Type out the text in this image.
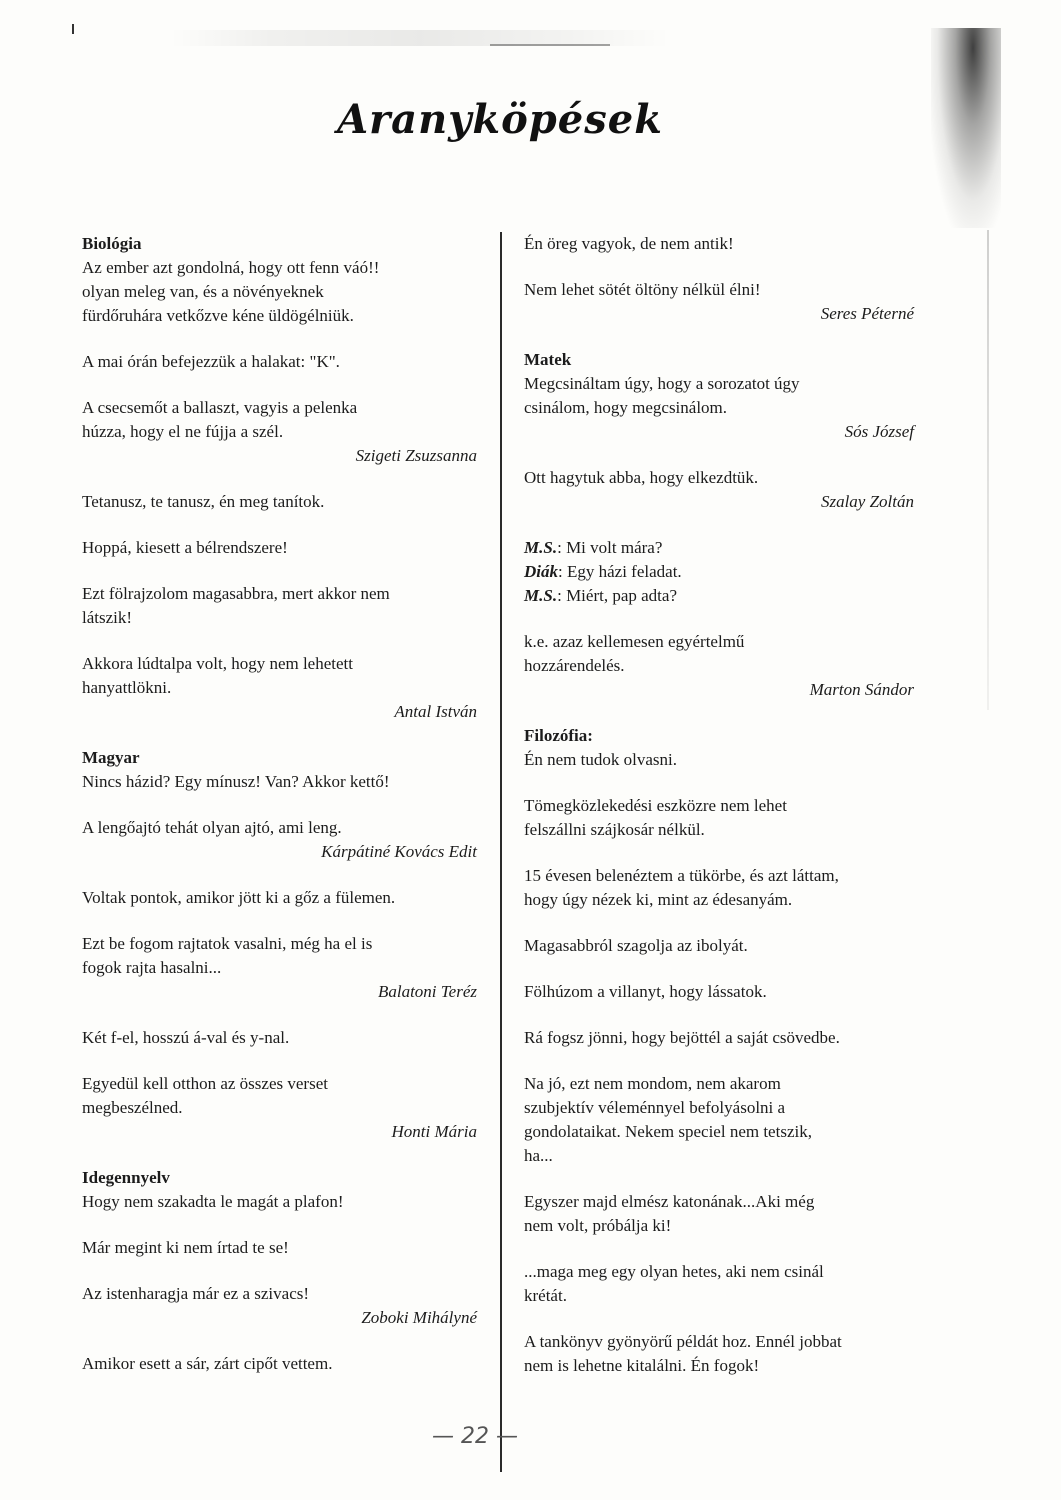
Aranyköpések
Biológia
Az ember azt gondolná, hogy ott fenn váó!!
olyan meleg van, és a növényeknek
fürdőruhára vetkőzve kéne üldögélniük.
A mai órán befejezzük a halakat: "K".
A csecsemőt a ballaszt, vagyis a pelenka
húzza, hogy el ne fújja a szél.
Szigeti Zsuzsanna
Tetanusz, te tanusz, én meg tanítok.
Hoppá, kiesett a bélrendszere!
Ezt fölrajzolom magasabbra, mert akkor nem
látszik!
Akkora lúdtalpa volt, hogy nem lehetett
hanyattlökni.
Antal István
Magyar
Nincs házid? Egy mínusz! Van? Akkor kettő!
A lengőajtó tehát olyan ajtó, ami leng.
Kárpátiné Kovács Edit
Voltak pontok, amikor jött ki a gőz a fülemen.
Ezt be fogom rajtatok vasalni, még ha el is
fogok rajta hasalni...
Balatoni Teréz
Két f-el, hosszú á-val és y-nal.
Egyedül kell otthon az összes verset
megbeszélned.
Honti Mária
Idegennyelv
Hogy nem szakadta le magát a plafon!
Már megint ki nem írtad te se!
Az istenharagja már ez a szivacs!
Zoboki Mihályné
Amikor esett a sár, zárt cipőt vettem.
Én öreg vagyok, de nem antik!
Nem lehet sötét öltöny nélkül élni!
Seres Péterné
Matek
Megcsináltam úgy, hogy a sorozatot úgy
csinálom, hogy megcsinálom.
Sós József
Ott hagytuk abba, hogy elkezdtük.
Szalay Zoltán
M.S.: Mi volt mára?
Diák: Egy házi feladat.
M.S.: Miért, pap adta?
k.e. azaz kellemesen egyértelmű
hozzárendelés.
Marton Sándor
Filozófia:
Én nem tudok olvasni.
Tömegközlekedési eszközre nem lehet
felszállni szájkosár nélkül.
15 évesen belenéztem a tükörbe, és azt láttam,
hogy úgy nézek ki, mint az édesanyám.
Magasabbról szagolja az ibolyát.
Fölhúzom a villanyt, hogy lássatok.
Rá fogsz jönni, hogy bejöttél a saját csövedbe.
Na jó, ezt nem mondom, nem akarom
szubjektív véleménnyel befolyásolni a
gondolataikat. Nekem speciel nem tetszik,
ha...
Egyszer majd elmész katonának...Aki még
nem volt, próbálja ki!
...maga meg egy olyan hetes, aki nem csinál
krétát.
A tankönyv gyönyörű példát hoz. Ennél jobbat
nem is lehetne kitalálni. Én fogok!
— 22 —
